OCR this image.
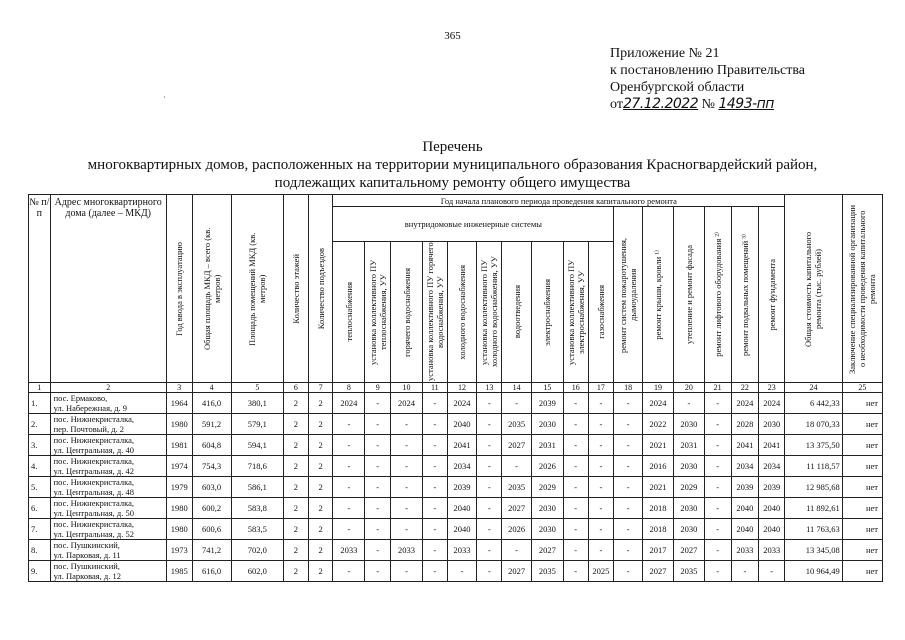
365
Приложение № 21
к постановлению Правительства
Оренбургской области
от27.12.2022 № 1493-пп
·
Перечень
многоквартирных домов, расположенных на территории муниципального образования Красногвардейский район,
подлежащих капитальному ремонту общего имущества
№ п/п	Адрес многоквартирного дома (далее – МКД)	Год ввода в эксплуатацию	Общая площадь МКД – всего (кв. метров)	Площадь помещений МКД (кв. метров)	Количество этажей	Количество подъездов	Год начала планового периода проведения капитального ремонта																Общая стоимость капитального ремонта (тыс. рублей)	Заключение специализированной организации о необходимости проведения капитального ремонта

							внутридомовые инженерные системы										ремонт систем пожаротушения, дымоудаления	ремонт крыши, кровли ¹⁾	утепление и ремонт фасада	ремонт лифтового оборудования ²⁾	ремонт подвальных помещений ³⁾	ремонт фундамента		

							теплоснабжения	установка коллективного ПУ теплоснабжения, УУ	горячего водоснабжения	установка коллективного ПУ горячего водоснабжения, УУ	холодного водоснабжения	установка коллективного ПУ холодного водоснабжения, УУ	водоотведения	электроснабжения	установка коллективного ПУ электроснабжения, УУ	газоснабжения								

1	2	3	4	5	6	7	8	9	10	11	12	13	14	15	16	17	18	19	20	21	22	23	24	25
1.	пос. Ермаково,
ул. Набережная, д. 9	1964	416,0	380,1	2	2	2024	-	2024	-	2024	-	-	2039	-	-	-	2024	-	-	2024	2024	6 442,33	нет
2.	пос. Нижнекристалка,
пер. Почтовый, д. 2	1980	591,2	579,1	2	2	-	-	-	-	2040	-	2035	2030	-	-	-	2022	2030	-	2028	2030	18 070,33	нет
3.	пос. Нижнекристалка,
ул. Центральная, д. 40	1981	604,8	594,1	2	2	-	-	-	-	2041	-	2027	2031	-	-	-	2021	2031	-	2041	2041	13 375,50	нет
4.	пос. Нижнекристалка,
ул. Центральная, д. 42	1974	754,3	718,6	2	2	-	-	-	-	2034	-	-	2026	-	-	-	2016	2030	-	2034	2034	11 118,57	нет
5.	пос. Нижнекристалка,
ул. Центральная, д. 48	1979	603,0	586,1	2	2	-	-	-	-	2039	-	2035	2029	-	-	-	2021	2029	-	2039	2039	12 985,68	нет
6.	пос. Нижнекристалка,
ул. Центральная, д. 50	1980	600,2	583,8	2	2	-	-	-	-	2040	-	2027	2030	-	-	-	2018	2030	-	2040	2040	11 892,61	нет
7.	пос. Нижнекристалка,
ул. Центральная, д. 52	1980	600,6	583,5	2	2	-	-	-	-	2040	-	2026	2030	-	-	-	2018	2030	-	2040	2040	11 763,63	нет
8.	пос. Пушкинский,
ул. Парковая, д. 11	1973	741,2	702,0	2	2	2033	-	2033	-	2033	-	-	2027	-	-	-	2017	2027	-	2033	2033	13 345,08	нет
9.	пос. Пушкинский,
ул. Парковая, д. 12	1985	616,0	602,0	2	2	-	-	-	-	-	-	2027	2035	-	2025	-	2027	2035	-	-	-	10 964,49	нет
